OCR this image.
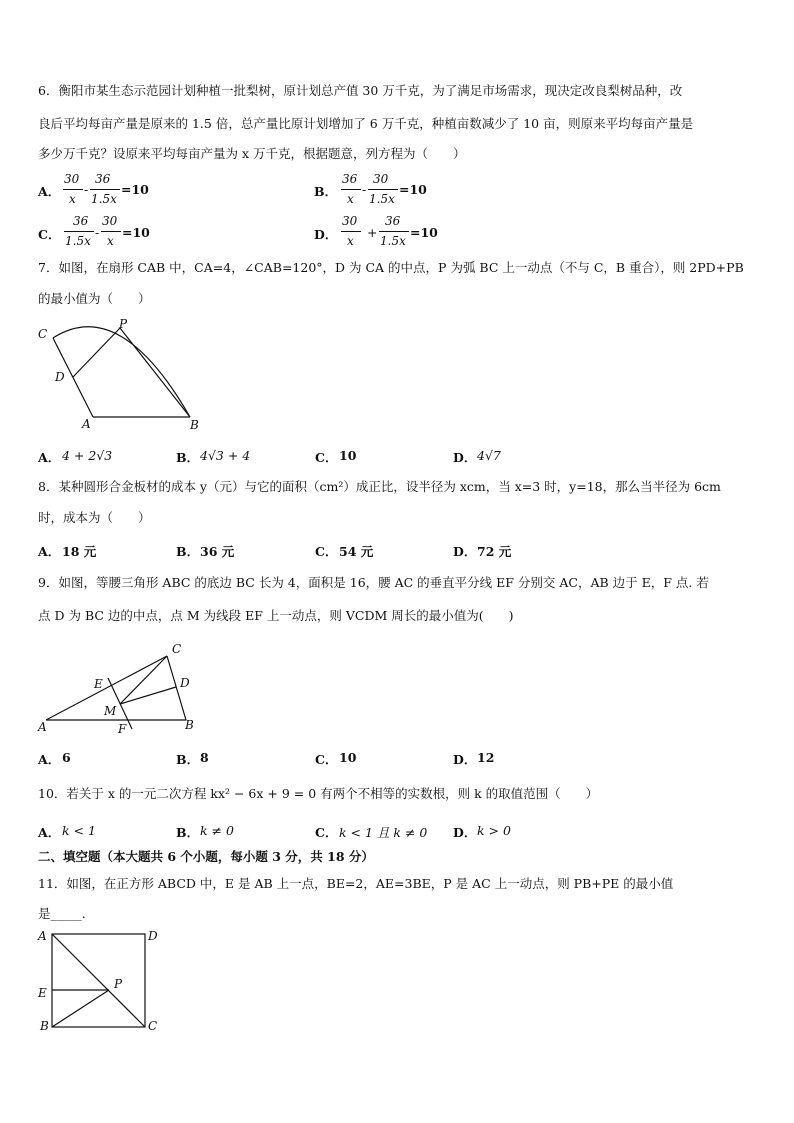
6．衡阳市某生态示范园计划种植一批梨树，原计划总产值 30 万千克，为了满足市场需求，现决定改良梨树品种，改
良后平均每亩产量是原来的 1.5 倍，总产量比原计划增加了 6 万千克，种植亩数减少了 10 亩，则原来平均每亩产量是
多少万千克？设原来平均每亩产量为 x 万千克，根据题意，列方程为（　　）
A．
30
x
-
36
1.5x
=10	B．
36
x
-
30
1.5x
=10
C．
36
1.5x
-
30
x
=10	D．
30
x
+
36
1.5x
=10
7．如图，在扇形 CAB 中，CA=4，∠CAB=120°，D 为 CA 的中点，P 为弧 BC 上一动点（不与 C，B 重合），则 2PD+PB
的最小值为（　　）
C
P
D
A	B
A． 4 + 2√3	B． 4√3 + 4	C． 10	D． 4√7
8．某种圆形合金板材的成本 y（元）与它的面积（cm²）成正比，设半径为 xcm，当 x=3 时，y=18，那么当半径为 6cm
时，成本为（　　）
A． 18 元	B． 36 元	C． 54 元	D． 72 元
9．如图，等腰三角形 ABC 的底边 BC 长为 4，面积是 16，腰 AC 的垂直平分线 EF 分别交 AC，AB 边于 E，F 点. 若
点 D 为 BC 边的中点，点 M 为线段 EF 上一动点，则 VCDM 周长的最小值为(　　)
C
E	D
M
A	F	B
A． 6	B． 8	C． 10	D． 12
10．若关于 x 的一元二次方程 kx² − 6x + 9 = 0 有两个不相等的实数根，则 k 的取值范围（　　）
A． k < 1	B． k ≠ 0	C． k < 1 且 k ≠ 0 D． k > 0
二、填空题（本大题共 6 个小题，每小题 3 分，共 18 分）
11．如图，在正方形 ABCD 中，E 是 AB 上一点，BE=2，AE=3BE，P 是 AC 上一动点，则 PB+PE 的最小值
是_____.
A	D
E
P
B	C
